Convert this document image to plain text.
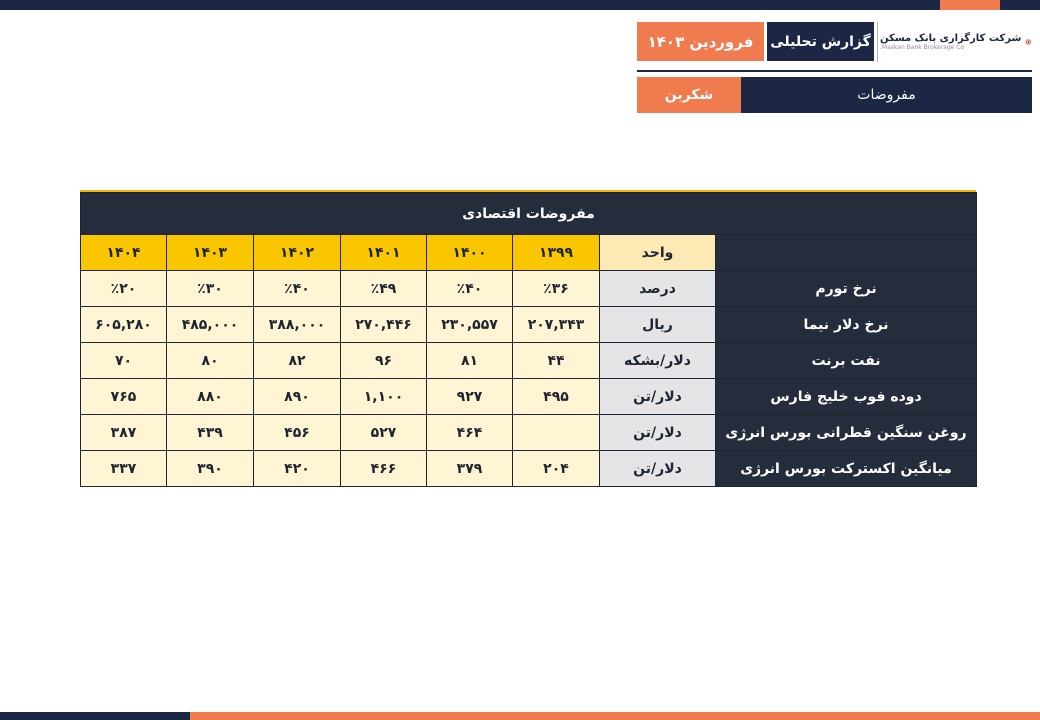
شرکت کارگزاری بانک مسکن
Maskan Bank Brokerage Co.
گزارش تحلیلی
فروردین ۱۴۰۳
مفروضات
شکربن
مفروضات اقتصادی							
۱۴۰۴	۱۴۰۳	۱۴۰۲	۱۴۰۱	۱۴۰۰	۱۳۹۹	واحد	
٪۲۰	٪۳۰	٪۴۰	٪۴۹	٪۴۰	٪۳۶	درصد	نرخ تورم
۶۰۵,۲۸۰	۴۸۵,۰۰۰	۳۸۸,۰۰۰	۲۷۰,۴۴۶	۲۳۰,۵۵۷	۲۰۷,۳۴۳	ریال	نرخ دلار نیما
۷۰	۸۰	۸۲	۹۶	۸۱	۴۴	دلار/بشکه	نفت برنت
۷۶۵	۸۸۰	۸۹۰	۱,۱۰۰	۹۲۷	۴۹۵	دلار/تن	دوده فوب خلیج فارس
۳۸۷	۴۳۹	۴۵۶	۵۲۷	۴۶۴		دلار/تن	روغن سنگین قطرانی بورس انرژی
۳۳۷	۳۹۰	۴۲۰	۴۶۶	۳۷۹	۲۰۴	دلار/تن	میانگین اکسترکت بورس انرژی
